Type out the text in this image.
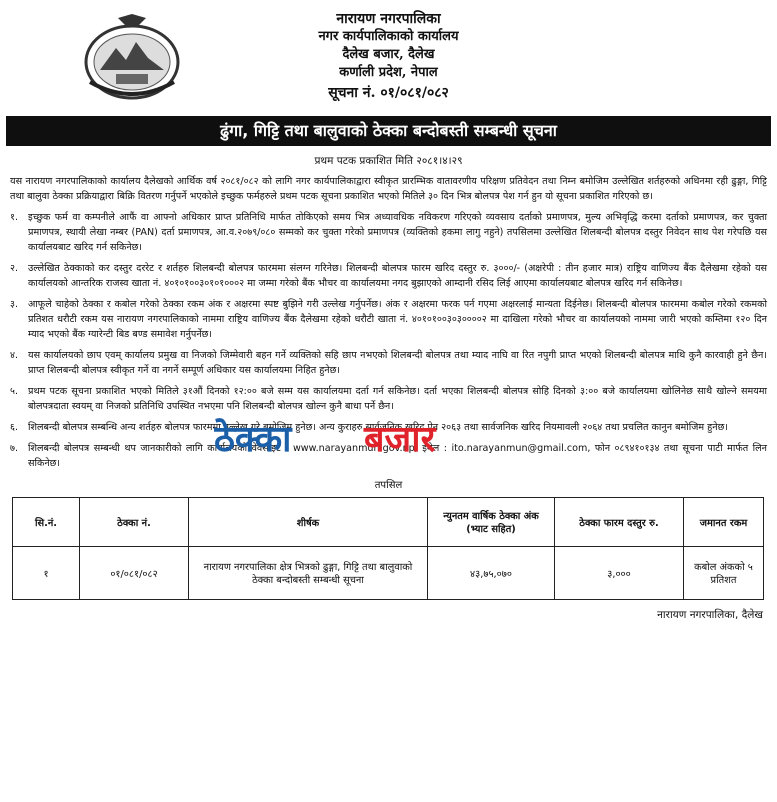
नारायण नगरपालिका
नगर कार्यपालिकाको कार्यालय
दैलेख बजार, दैलेख
कर्णाली प्रदेश, नेपाल
सूचना नं. ०१/०८१/०८२
ढुंगा, गिट्टि तथा बालुवाको ठेक्का बन्दोबस्ती सम्बन्धी सूचना
प्रथम पटक प्रकाशित मिति २०८१।४।२९
यस नारायण नगरपालिकाको कार्यालय दैलेखको आर्थिक वर्ष २०८१/०८२ को लागि नगर कार्यपालिकाद्वारा स्वीकृत प्रारम्भिक वातावरणीय परिक्षण प्रतिवेदन तथा निम्न बमोजिम उल्लेखित शर्तहरुको अधिनमा रही ढुङ्गा, गिट्टि तथा बालुवा ठेक्का प्रक्रियाद्वारा बिक्रि वितरण गर्नुपर्ने भएकोले इच्छुक फर्महरुले प्रथम पटक सूचना प्रकाशित भएको मितिले ३० दिन भित्र बोलपत्र पेश गर्न हुन यो सूचना प्रकाशित गरिएको छ।
१.	इच्छुक फर्म वा कम्पनीले आफैं वा आफ्नो अधिकार प्राप्त प्रतिनिधि मार्फत तोकिएको समय भित्र अध्यावधिक नविकरण गरिएको व्यवसाय दर्ताको प्रमाणपत्र, मुल्य अभिवृद्धि करमा दर्ताको प्रमाणपत्र, कर चुक्ता प्रमाणपत्र, स्थायी लेखा नम्बर (PAN) दर्ता प्रमाणपत्र, आ.व.२०७९/०८० सम्मको कर चुक्ता गरेको प्रमाणपत्र (व्यक्तिको हकमा लागु नहुने) तपसिलमा उल्लेखित शिलबन्दी बोलपत्र दस्तुर निवेदन साथ पेश गरेपछि यस कार्यालयबाट खरिद गर्न सकिनेछ।
२.	उल्लेखित ठेक्काको कर दस्तुर दररेट र शर्तहरु शिलबन्दी बोलपत्र फारममा संलग्न गरिनेछ। शिलबन्दी बोलपत्र फारम खरिद दस्तुर रु. ३०००/- (अक्षरेपी : तीन हजार मात्र) राष्ट्रिय वाणिज्य बैंक दैलेखमा रहेको यस कार्यालयको आन्तरिक राजस्व खाता नं. ४०१०१००३०१०१०००२ मा जम्मा गरेको बैंक भौचर वा कार्यालयमा नगद बुझाएको आम्दानी रसिद लिई आएमा कार्यालयबाट बोलपत्र खरिद गर्न सकिनेछ।
३.	आफूले चाहेको ठेक्का र कबोल गरेको ठेक्का रकम अंक र अक्षरमा स्पष्ट बुझिने गरी उल्लेख गर्नुपर्नेछ। अंक र अक्षरमा फरक पर्न गएमा अक्षरलाई मान्यता दिईनेछ। शिलबन्दी बोलपत्र फारममा कबोल गरेको रकमको प्रतिशत धरौटी रकम यस नारायण नगरपालिकाको नाममा राष्ट्रिय वाणिज्य बैंक दैलेखमा रहेको धरौटी खाता नं. ४०१०१००३०३००००२ मा दाखिला गरेको भौचर वा कार्यालयको नाममा जारी भएको कम्तिमा १२० दिन म्याद भएको बैंक ग्यारेन्टी बिड बण्ड समावेश गर्नुपर्नेछ।
४.	यस कार्यालयको छाप एवम् कार्यालय प्रमुख वा निजको जिम्मेवारी बहन गर्ने व्यक्तिको सहि छाप नभएको शिलबन्दी बोलपत्र तथा म्याद नाघि वा रित नपुगी प्राप्त भएको शिलबन्दी बोलपत्र माथि कुनै कारवाही हुने छैन। प्राप्त शिलबन्दी बोलपत्र स्वीकृत गर्ने वा नगर्ने सम्पूर्ण अधिकार यस कार्यालयमा निहित हुनेछ।
५.	प्रथम पटक सूचना प्रकाशित भएको मितिले ३१औं दिनको १२:०० बजे सम्म यस कार्यालयमा दर्ता गर्न सकिनेछ। दर्ता भएका शिलबन्दी बोलपत्र सोहि दिनको ३:०० बजे कार्यालयमा खोलिनेछ साथै खोल्ने समयमा बोलपत्रदाता स्वयम् वा निजको प्रतिनिधि उपस्थित नभएमा पनि शिलबन्दी बोलपत्र खोल्न कुनै बाधा पर्ने छैन।
६.	शिलबन्दी बोलपत्र सम्बन्धि अन्य शर्तहरु बोलपत्र फारममा उल्लेख गरे बमोजिम हुनेछ। अन्य कुराहरु सार्वजनिक खरिद ऐन २०६३ तथा सार्वजनिक खरिद नियमावली २०६४ तथा प्रचलित कानुन बमोजिम हुनेछ।
७.	शिलबन्दी बोलपत्र सम्बन्धी थप जानकारीको लागि कार्यालयको वेवसाइट : www.narayanmun.gov.np, इमेल : ito.narayanmun@gmail.com, फोन ०८९४१०१३४ तथा सूचना पाटी मार्फत लिन सकिनेछ।
तपसिल
सि.नं.	ठेक्का नं.	शीर्षक	न्युनतम वार्षिक ठेक्का अंक (भ्याट सहित)	ठेक्का फारम दस्तुर रु.	जमानत रकम
१	०१/०८१/०८२	नारायण नगरपालिका क्षेत्र भित्रको ढुङ्गा, गिट्टि तथा बालुवाको ठेक्का बन्दोबस्ती सम्बन्धी सूचना	४३,७५,०७०	३,०००	कबोल अंकको ५ प्रतिशत
नारायण नगरपालिका, दैलेख
ठेक्का बजार
